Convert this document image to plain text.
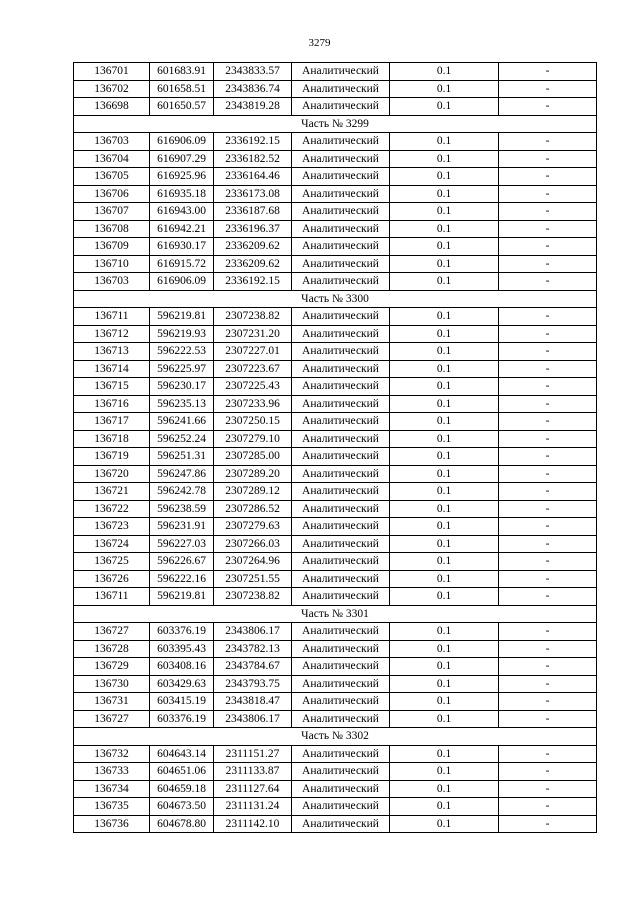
3279
136701	601683.91	2343833.57	Аналитический	0.1	-
136702	601658.51	2343836.74	Аналитический	0.1	-
136698	601650.57	2343819.28	Аналитический	0.1	-
Часть № 3299					
136703	616906.09	2336192.15	Аналитический	0.1	-
136704	616907.29	2336182.52	Аналитический	0.1	-
136705	616925.96	2336164.46	Аналитический	0.1	-
136706	616935.18	2336173.08	Аналитический	0.1	-
136707	616943.00	2336187.68	Аналитический	0.1	-
136708	616942.21	2336196.37	Аналитический	0.1	-
136709	616930.17	2336209.62	Аналитический	0.1	-
136710	616915.72	2336209.62	Аналитический	0.1	-
136703	616906.09	2336192.15	Аналитический	0.1	-
Часть № 3300					
136711	596219.81	2307238.82	Аналитический	0.1	-
136712	596219.93	2307231.20	Аналитический	0.1	-
136713	596222.53	2307227.01	Аналитический	0.1	-
136714	596225.97	2307223.67	Аналитический	0.1	-
136715	596230.17	2307225.43	Аналитический	0.1	-
136716	596235.13	2307233.96	Аналитический	0.1	-
136717	596241.66	2307250.15	Аналитический	0.1	-
136718	596252.24	2307279.10	Аналитический	0.1	-
136719	596251.31	2307285.00	Аналитический	0.1	-
136720	596247.86	2307289.20	Аналитический	0.1	-
136721	596242.78	2307289.12	Аналитический	0.1	-
136722	596238.59	2307286.52	Аналитический	0.1	-
136723	596231.91	2307279.63	Аналитический	0.1	-
136724	596227.03	2307266.03	Аналитический	0.1	-
136725	596226.67	2307264.96	Аналитический	0.1	-
136726	596222.16	2307251.55	Аналитический	0.1	-
136711	596219.81	2307238.82	Аналитический	0.1	-
Часть № 3301					
136727	603376.19	2343806.17	Аналитический	0.1	-
136728	603395.43	2343782.13	Аналитический	0.1	-
136729	603408.16	2343784.67	Аналитический	0.1	-
136730	603429.63	2343793.75	Аналитический	0.1	-
136731	603415.19	2343818.47	Аналитический	0.1	-
136727	603376.19	2343806.17	Аналитический	0.1	-
Часть № 3302					
136732	604643.14	2311151.27	Аналитический	0.1	-
136733	604651.06	2311133.87	Аналитический	0.1	-
136734	604659.18	2311127.64	Аналитический	0.1	-
136735	604673.50	2311131.24	Аналитический	0.1	-
136736	604678.80	2311142.10	Аналитический	0.1	-
